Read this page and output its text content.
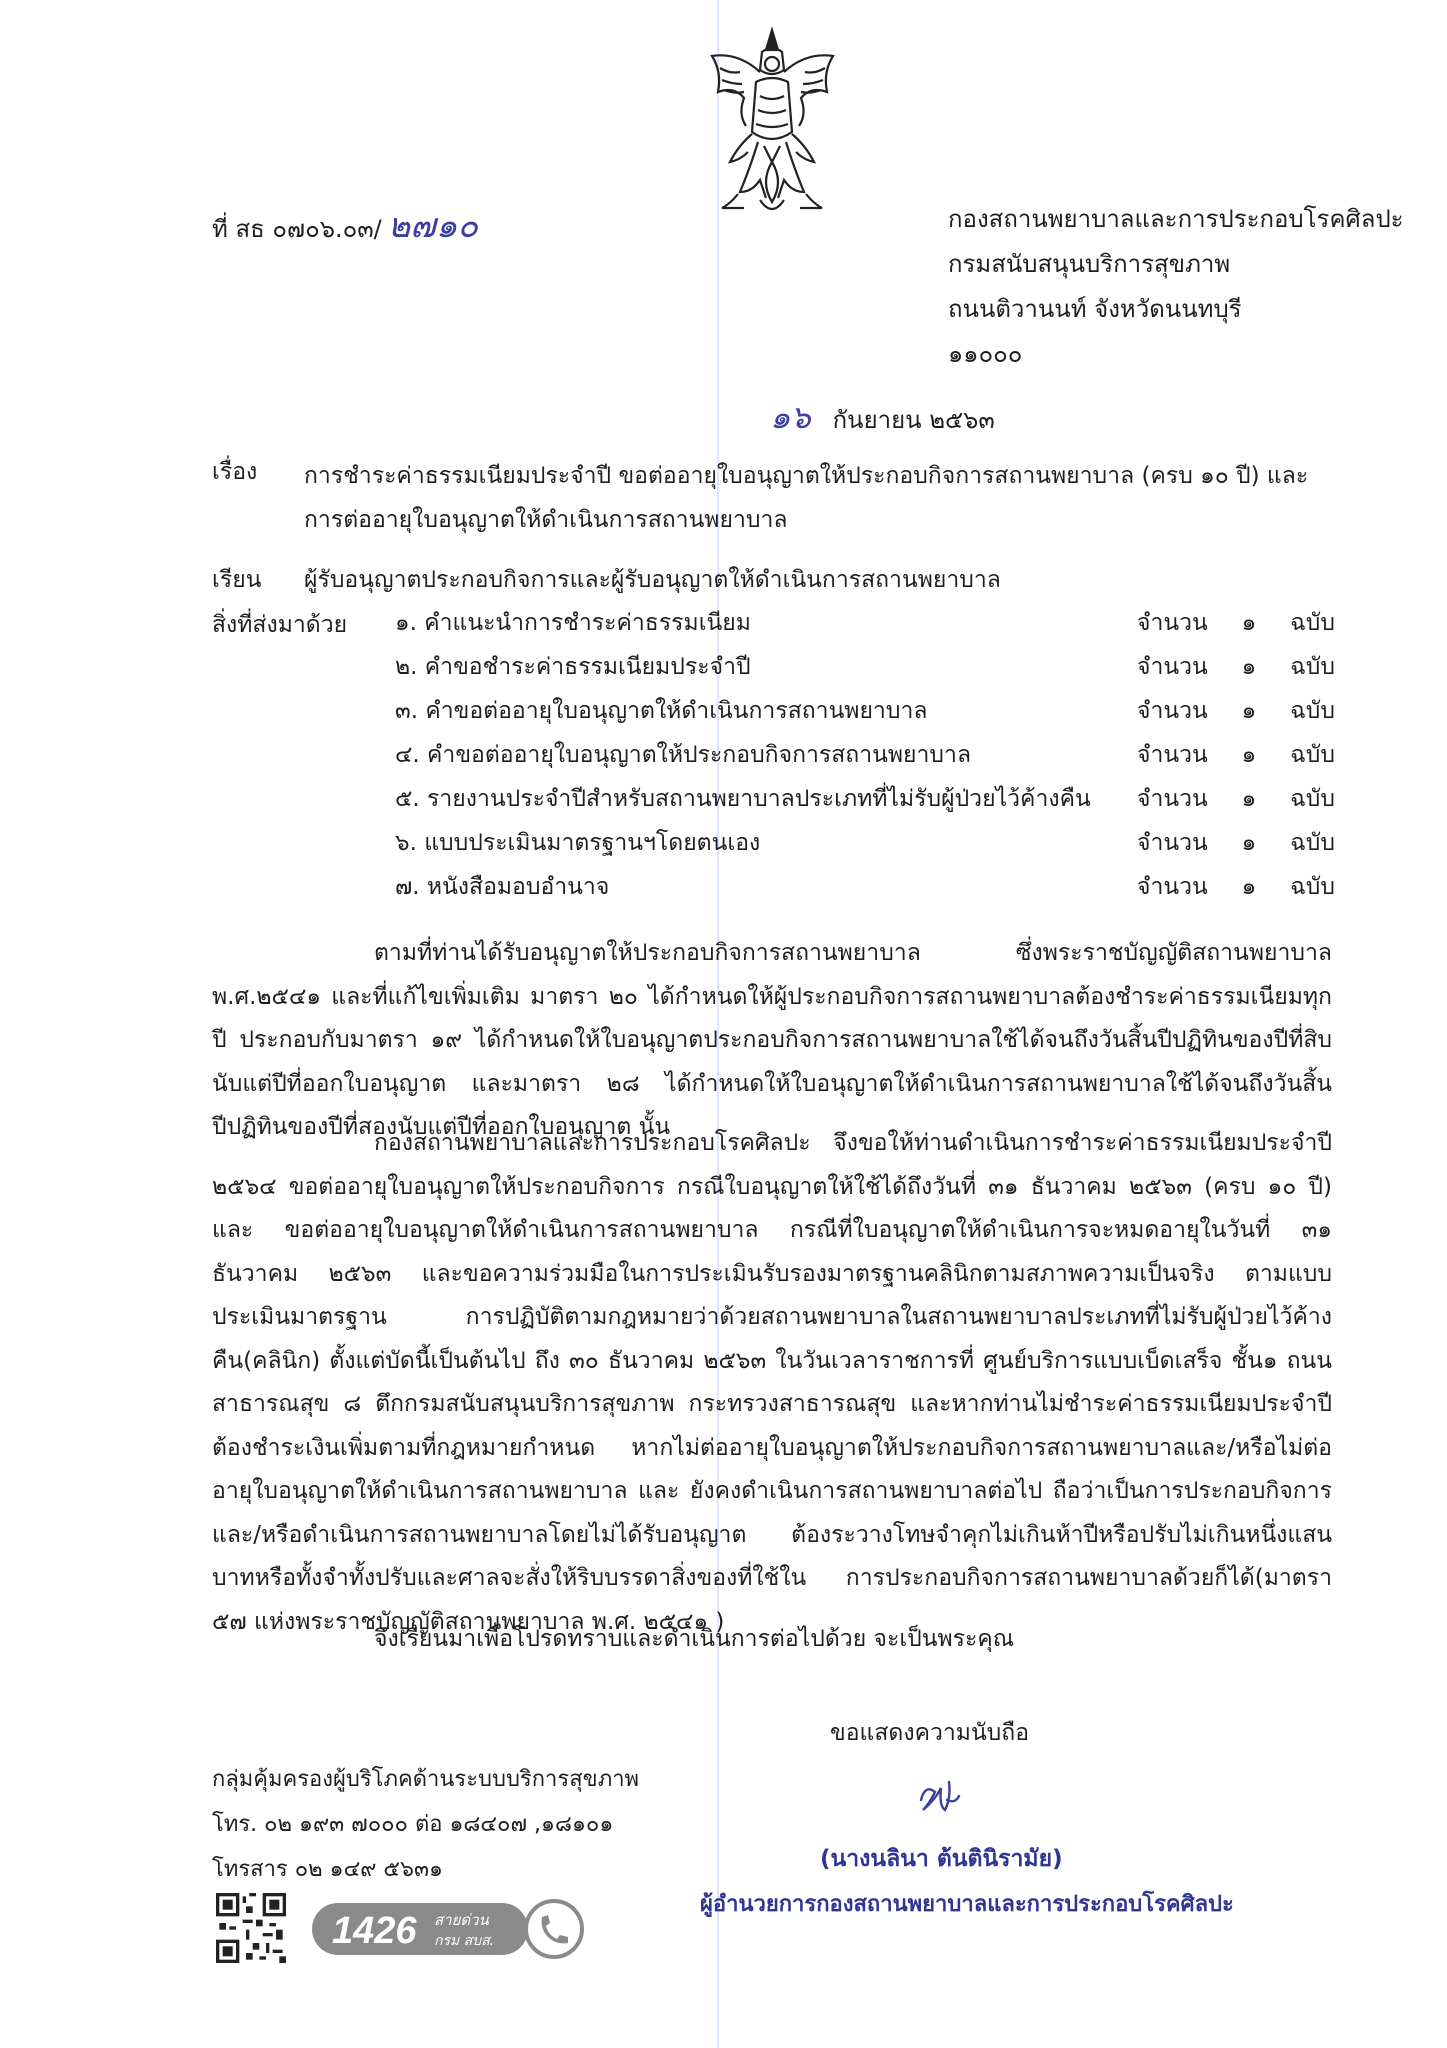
ที่ สธ ๐๗๐๖.๐๓/ ๒๗๑๐	กองสถานพยาบาลและการประกอบโรคศิลปะ
กรมสนับสนุนบริการสุขภาพ
ถนนติวานนท์ จังหวัดนนทบุรี
๑๑๐๐๐
๑๖ กันยายน ๒๕๖๓
เรื่อง การชำระค่าธรรมเนียมประจำปี ขอต่ออายุใบอนุญาตให้ประกอบกิจการสถานพยาบาล (ครบ ๑๐ ปี) และการต่ออายุใบอนุญาตให้ดำเนินการสถานพยาบาล
เรียน ผู้รับอนุญาตประกอบกิจการและผู้รับอนุญาตให้ดำเนินการสถานพยาบาล
สิ่งที่ส่งมาด้วย ๑. คำแนะนำการชำระค่าธรรมเนียม	จำนวน ๑ ฉบับ
๒. คำขอชำระค่าธรรมเนียมประจำปี	จำนวน ๑ ฉบับ
๓. คำขอต่ออายุใบอนุญาตให้ดำเนินการสถานพยาบาล	จำนวน ๑ ฉบับ
๔. คำขอต่ออายุใบอนุญาตให้ประกอบกิจการสถานพยาบาล	จำนวน ๑ ฉบับ
๕. รายงานประจำปีสำหรับสถานพยาบาลประเภทที่ไม่รับผู้ป่วยไว้ค้างคืน จำนวน ๑ ฉบับ
๖. แบบประเมินมาตรฐานฯโดยตนเอง	จำนวน ๑ ฉบับ
๗. หนังสือมอบอำนาจ	จำนวน ๑ ฉบับ
ตามที่ท่านได้รับอนุญาตให้ประกอบกิจการสถานพยาบาล ซึ่งพระราชบัญญัติสถานพยาบาล พ.ศ.๒๕๔๑ และที่แก้ไขเพิ่มเติม มาตรา ๒๐ ได้กำหนดให้ผู้ประกอบกิจการสถานพยาบาลต้องชำระค่าธรรมเนียมทุกปี ประกอบกับมาตรา ๑๙ ได้กำหนดให้ใบอนุญาตประกอบกิจการสถานพยาบาลใช้ได้จนถึงวันสิ้นปีปฏิทินของปีที่สิบนับแต่ปีที่ออกใบอนุญาต และมาตรา ๒๘ ได้กำหนดให้ใบอนุญาตให้ดำเนินการสถานพยาบาลใช้ได้จนถึงวันสิ้นปีปฏิทินของปีที่สองนับแต่ปีที่ออกใบอนุญาต นั้น
กองสถานพยาบาลและการประกอบโรคศิลปะ จึงขอให้ท่านดำเนินการชำระค่าธรรมเนียมประจำปี ๒๕๖๔ ขอต่ออายุใบอนุญาตให้ประกอบกิจการ กรณีใบอนุญาตให้ใช้ได้ถึงวันที่ ๓๑ ธันวาคม ๒๕๖๓ (ครบ ๑๐ ปี) และ ขอต่ออายุใบอนุญาตให้ดำเนินการสถานพยาบาล กรณีที่ใบอนุญาตให้ดำเนินการจะหมดอายุในวันที่ ๓๑ ธันวาคม ๒๕๖๓ และขอความร่วมมือในการประเมินรับรองมาตรฐานคลินิกตามสภาพความเป็นจริง ตามแบบประเมินมาตรฐาน การปฏิบัติตามกฎหมายว่าด้วยสถานพยาบาลในสถานพยาบาลประเภทที่ไม่รับผู้ป่วยไว้ค้างคืน(คลินิก) ตั้งแต่บัดนี้เป็นต้นไป ถึง ๓๐ ธันวาคม ๒๕๖๓ ในวันเวลาราชการที่ ศูนย์บริการแบบเบ็ดเสร็จ ชั้น๑ ถนนสาธารณสุข ๘ ตึกกรมสนับสนุนบริการสุขภาพ กระทรวงสาธารณสุข และหากท่านไม่ชำระค่าธรรมเนียมประจำปี ต้องชำระเงินเพิ่มตามที่กฎหมายกำหนด หากไม่ต่ออายุใบอนุญาตให้ประกอบกิจการสถานพยาบาลและ/หรือไม่ต่ออายุใบอนุญาตให้ดำเนินการสถานพยาบาล และ ยังคงดำเนินการสถานพยาบาลต่อไป ถือว่าเป็นการประกอบกิจการและ/หรือดำเนินการสถานพยาบาลโดยไม่ได้รับอนุญาต ต้องระวางโทษจำคุกไม่เกินห้าปีหรือปรับไม่เกินหนึ่งแสนบาทหรือทั้งจำทั้งปรับและศาลจะสั่งให้ริบบรรดาสิ่งของที่ใช้ใน การประกอบกิจการสถานพยาบาลด้วยก็ได้(มาตรา ๕๗ แห่งพระราชบัญญัติสถานพยาบาล พ.ศ. ๒๕๔๑ )
จึงเรียนมาเพื่อโปรดทราบและดำเนินการต่อไปด้วย จะเป็นพระคุณ
ขอแสดงความนับถือ
(นางนลินา ต้นตินิรามัย)
ผู้อำนวยการกองสถานพยาบาลและการประกอบโรคศิลปะ
กลุ่มคุ้มครองผู้บริโภคด้านระบบบริการสุขภาพ
โทร. ๐๒ ๑๙๓ ๗๐๐๐ ต่อ ๑๘๔๐๗ ,๑๘๑๐๑
โทรสาร ๐๒ ๑๔๙ ๕๖๓๑
1426 สายด่วน
กรม สบส.
